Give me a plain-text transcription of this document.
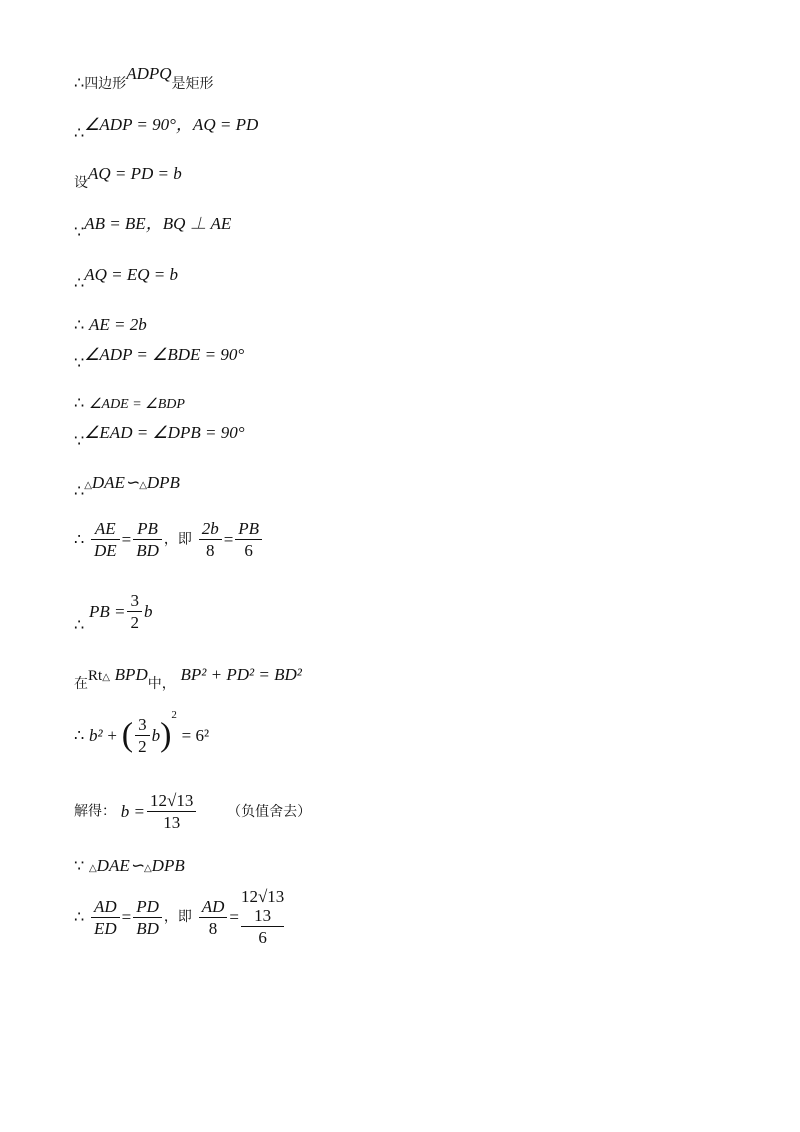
∴四边形ADPQ是矩形
∴∠ADP = 90°，AQ = PD
设AQ = PD = b
∵AB = BE，BQ ⊥ AE
∴AQ = EQ = b
∴ AE = 2b
∵∠ADP = ∠BDE = 90°
∴ ∠ADE = ∠BDP
∵∠EAD = ∠DPB = 90°
∴△DAE∽△DPB
∴ $\frac{AE}{DE} = \frac{PB}{BD}$ ，即 $\frac{2b}{8} = \frac{PB}{6}$
∴ PB = $\frac{3}{2}$ b
在Rt△ BPD中， BP² + PD² = BD²
∴ b² + ( $\frac{3}{2} b)^2 = 6^2$
解得： $b = \frac{12√13}{13}$ （负值舍去）
∵ △DAE∽△DPB
∴ $\frac{AD}{ED} = \frac{PD}{BD}$ ，即 $\frac{AD}{8}$ =
12√13
13
6
